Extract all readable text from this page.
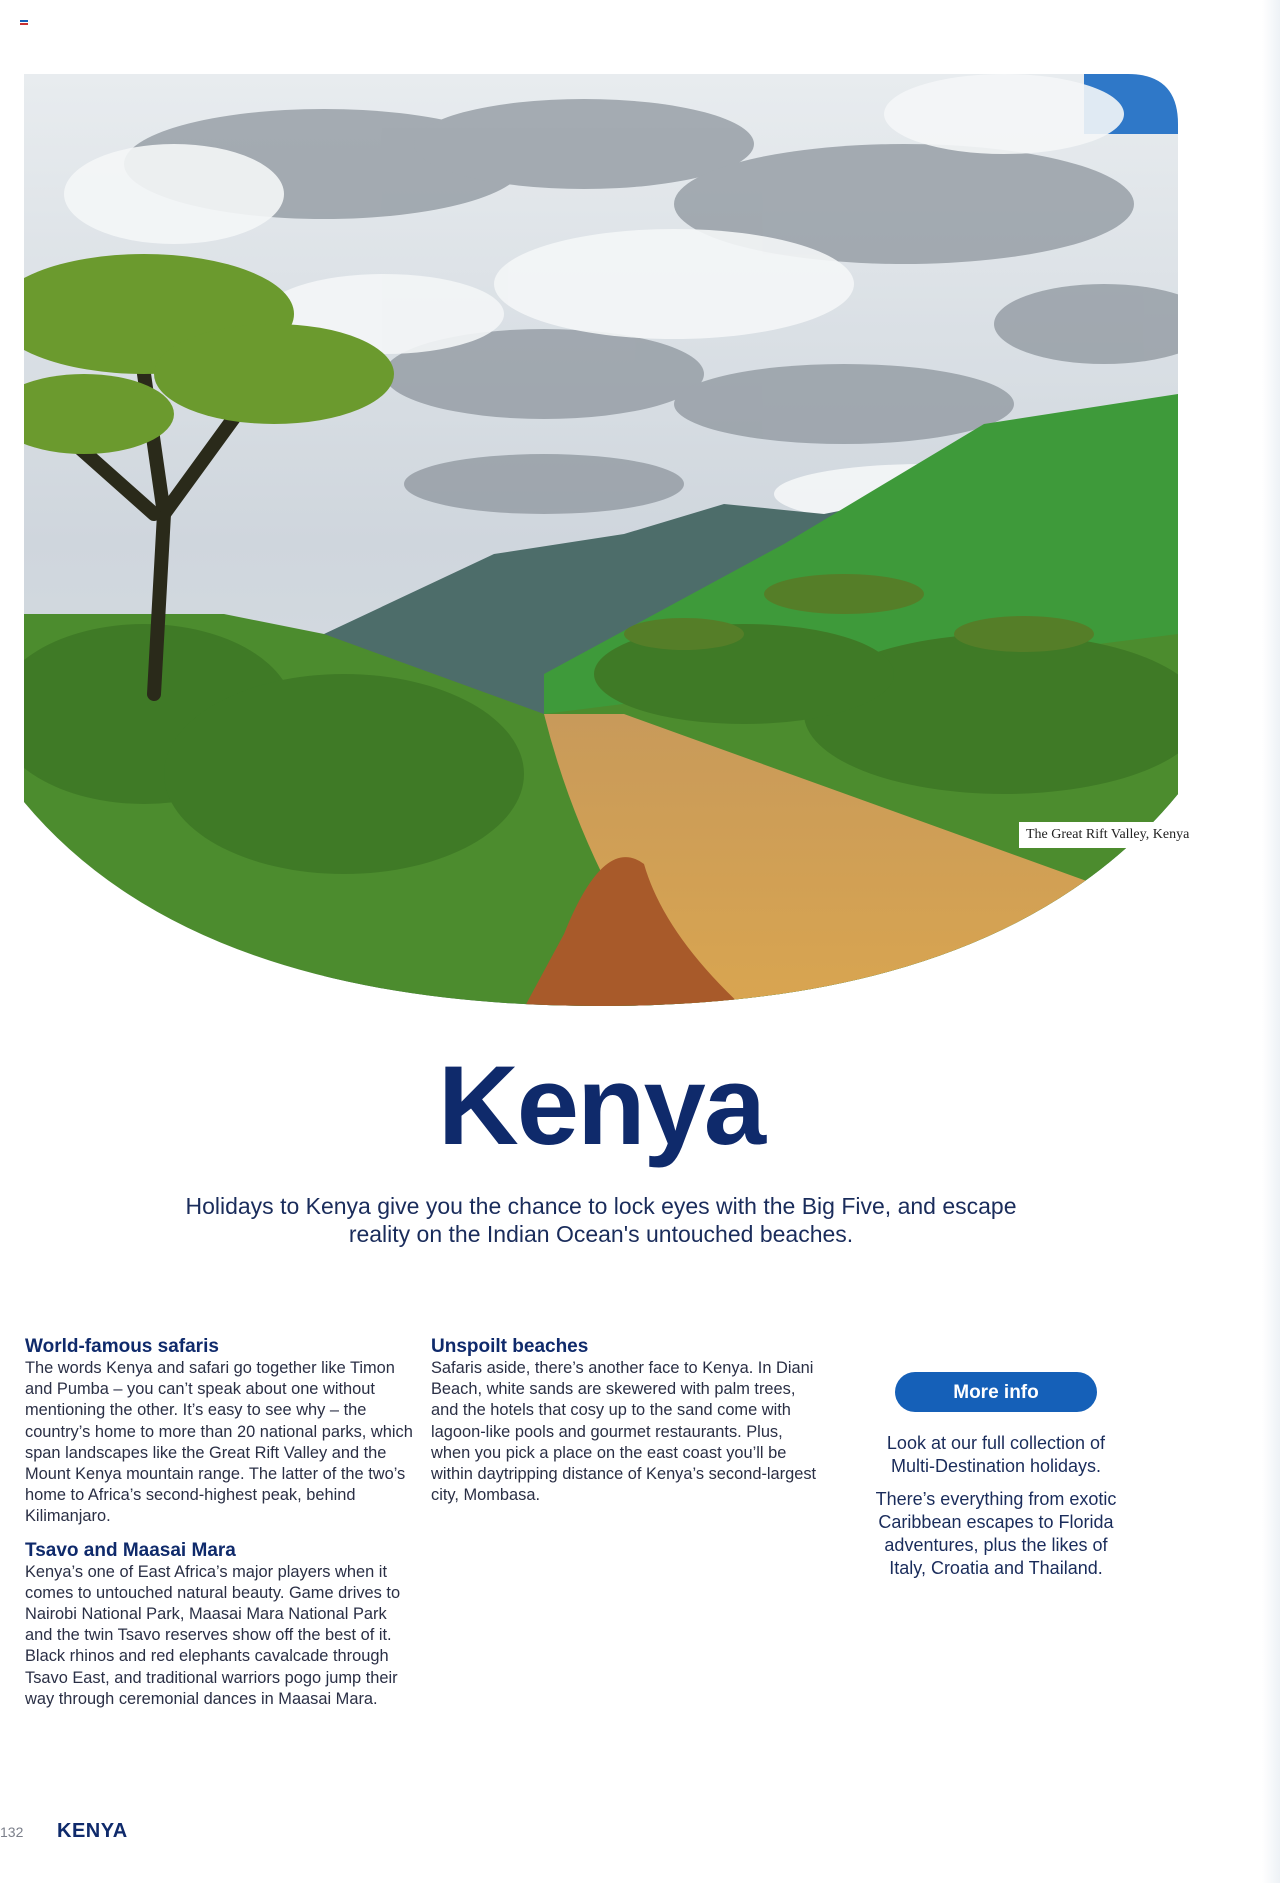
The Great Rift Valley, Kenya
Kenya
Holidays to Kenya give you the chance to lock eyes with the Big Five, and escape reality on the Indian Ocean's untouched beaches.
World-famous safaris

The words Kenya and safari go together like Timon and Pumba – you can’t speak about one without mentioning the other. It’s easy to see why – the country’s home to more than 20 national parks, which span landscapes like the Great Rift Valley and the Mount Kenya mountain range. The latter of the two’s home to Africa’s second-highest peak, behind Kilimanjaro.

Tsavo and Maasai Mara

Kenya’s one of East Africa’s major players when it comes to untouched natural beauty. Game drives to Nairobi National Park, Maasai Mara National Park and the twin Tsavo reserves show off the best of it. Black rhinos and red elephants cavalcade through Tsavo East, and traditional warriors pogo jump their way through ceremonial dances in Maasai Mara.

Unspoilt beaches

Safaris aside, there’s another face to Kenya. In Diani Beach, white sands are skewered with palm trees, and the hotels that cosy up to the sand come with lagoon-like pools and gourmet restaurants. Plus, when you pick a place on the east coast you’ll be within daytripping distance of Kenya’s second-largest city, Mombasa.

More info

Look at our full collection of Multi-Destination holidays.

There’s everything from exotic Caribbean escapes to Florida adventures, plus the likes of Italy, Croatia and Thailand.

132 KENYA
